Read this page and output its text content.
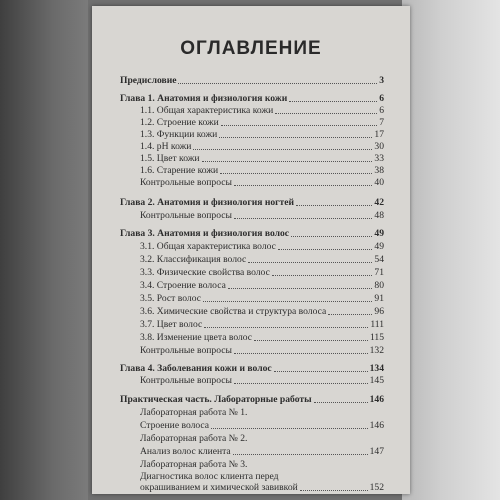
ОГЛАВЛЕНИЕ
Предисловие	3
Глава 1. Анатомия и физиология кожи	6
1.1. Общая характеристика кожи	6
1.2. Строение кожи	7
1.3. Функции кожи	17
1.4. pH кожи	30
1.5. Цвет кожи	33
1.6. Старение кожи	38
Контрольные вопросы	40
Глава 2. Анатомия и физиология ногтей	42
Контрольные вопросы	48
Глава 3. Анатомия и физиология волос	49
3.1. Общая характеристика волос	49
3.2. Классификация волос	54
3.3. Физические свойства волос	71
3.4. Строение волоса	80
3.5. Рост волос	91
3.6. Химические свойства и структура волоса	96
3.7. Цвет волос	111
3.8. Изменение цвета волос	115
Контрольные вопросы	132
Глава 4. Заболевания кожи и волос	134
Контрольные вопросы	145
Практическая часть. Лабораторные работы	146
Лабораторная работа № 1.
Строение волоса	146
Лабораторная работа № 2.
Анализ волос клиента	147
Лабораторная работа № 3.
Диагностика волос клиента перед
окрашиванием и химической завивкой	152
